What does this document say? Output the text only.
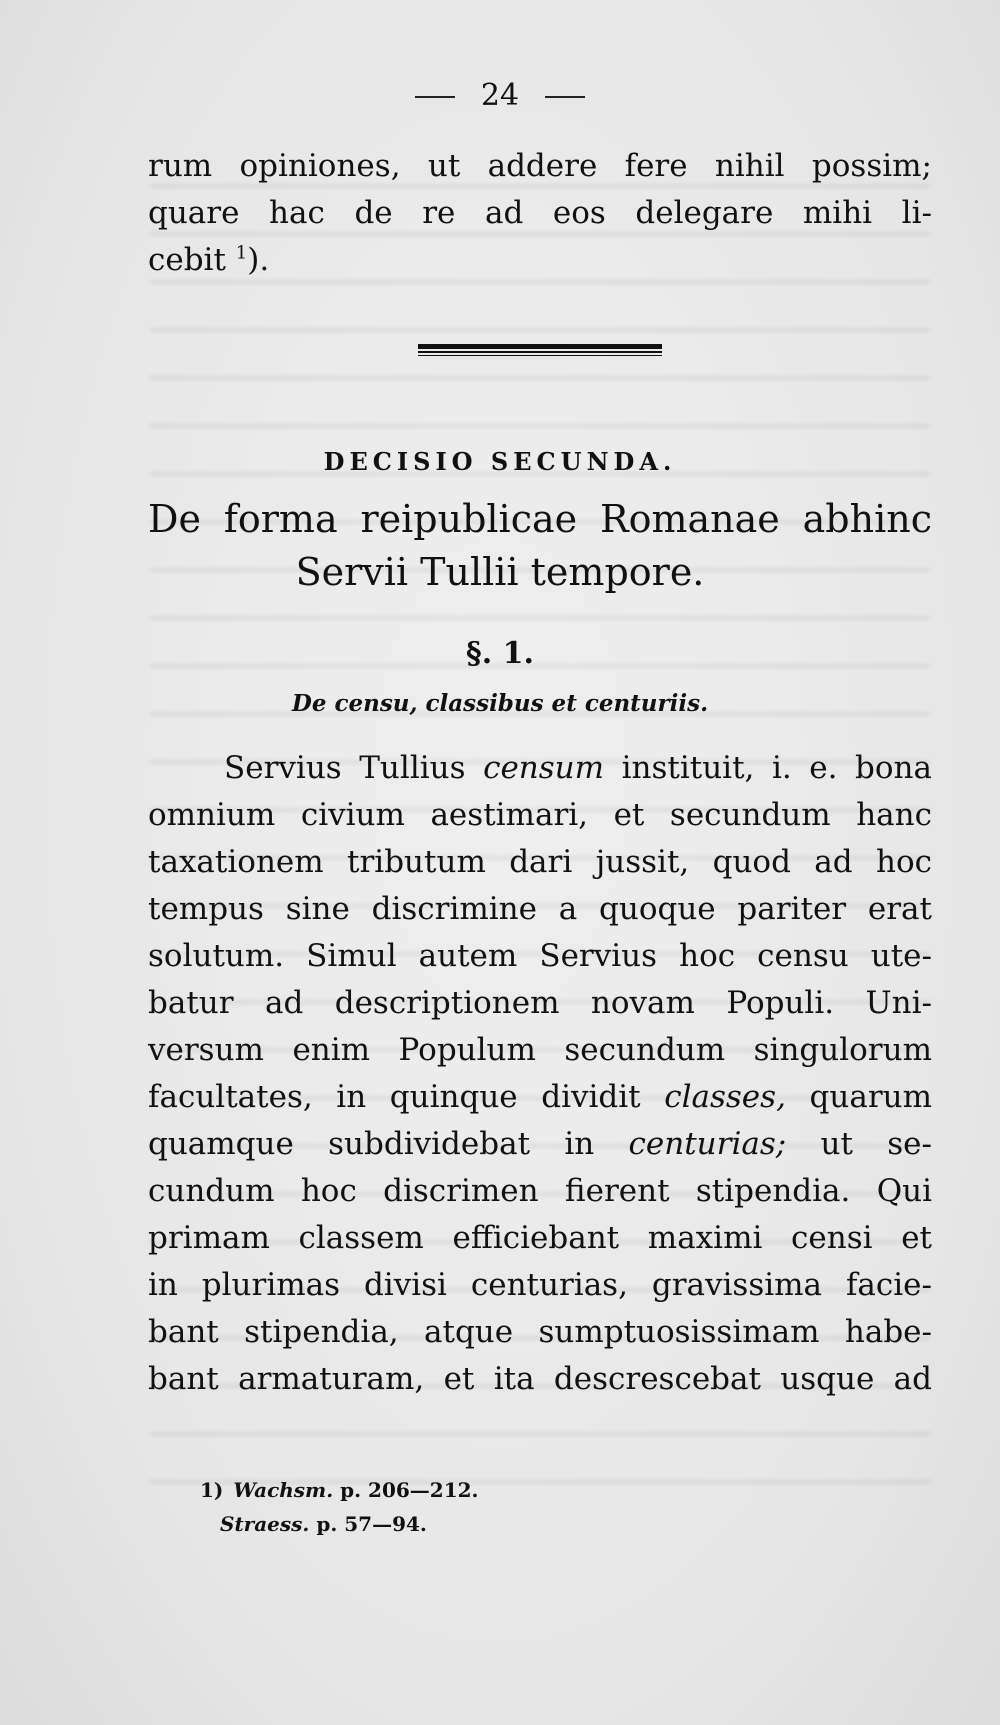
24
rum opiniones, ut addere fere nihil possim;
quare hac de re ad eos delegare mihi li-
cebit $^1$).
DECISIO SECUNDA.
De forma reipublicae Romanae abhinc
Servii Tullii tempore.
§. 1.
De censu, classibus et centuriis.
Servius Tullius censum instituit, i. e. bona
omnium civium aestimari, et secundum hanc
taxationem tributum dari jussit, quod ad hoc
tempus sine discrimine a quoque pariter erat
solutum. Simul autem Servius hoc censu ute-
batur ad descriptionem novam Populi. Uni-
versum enim Populum secundum singulorum
facultates, in quinque dividit classes, quarum
quamque subdividebat in centurias; ut se-
cundum hoc discrimen fierent stipendia. Qui
primam classem efficiebant maximi censi et
in plurimas divisi centurias, gravissima facie-
bant stipendia, atque sumptuosissimam habe-
bant armaturam, et ita descrescebat usque ad
1) Wachsm. p. 206—212.
Straess. p. 57—94.
